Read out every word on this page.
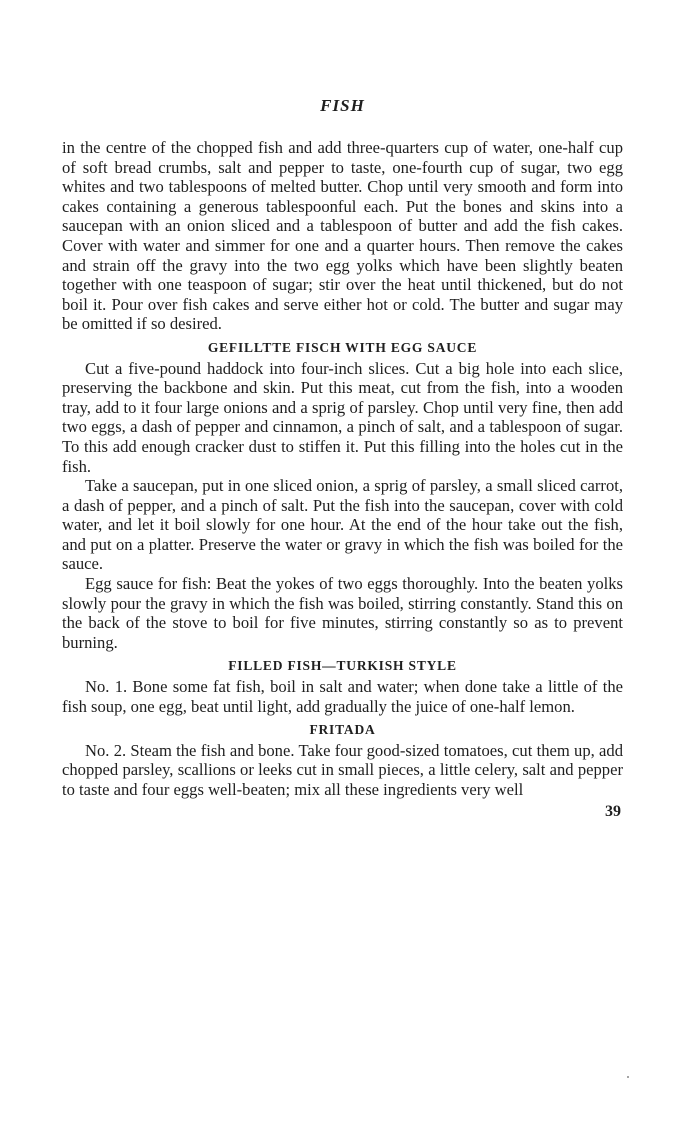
FISH

in the centre of the chopped fish and add three-quarters cup of water, one-half cup of soft bread crumbs, salt and pepper to taste, one-fourth cup of sugar, two egg whites and two tablespoons of melted butter. Chop until very smooth and form into cakes containing a generous tablespoonful each. Put the bones and skins into a saucepan with an onion sliced and a tablespoon of butter and add the fish cakes. Cover with water and simmer for one and a quarter hours. Then remove the cakes and strain off the gravy into the two egg yolks which have been slightly beaten together with one teaspoon of sugar; stir over the heat until thickened, but do not boil it. Pour over fish cakes and serve either hot or cold. The butter and sugar may be omitted if so desired.

GEFILLTTE FISCH WITH EGG SAUCE

Cut a five-pound haddock into four-inch slices. Cut a big hole into each slice, preserving the backbone and skin. Put this meat, cut from the fish, into a wooden tray, add to it four large onions and a sprig of parsley. Chop until very fine, then add two eggs, a dash of pepper and cinnamon, a pinch of salt, and a tablespoon of sugar. To this add enough cracker dust to stiffen it. Put this filling into the holes cut in the fish.

Take a saucepan, put in one sliced onion, a sprig of parsley, a small sliced carrot, a dash of pepper, and a pinch of salt. Put the fish into the saucepan, cover with cold water, and let it boil slowly for one hour. At the end of the hour take out the fish, and put on a platter. Preserve the water or gravy in which the fish was boiled for the sauce.

Egg sauce for fish: Beat the yokes of two eggs thoroughly. Into the beaten yolks slowly pour the gravy in which the fish was boiled, stirring constantly. Stand this on the back of the stove to boil for five minutes, stirring constantly so as to prevent burning.

FILLED FISH—TURKISH STYLE

No. 1. Bone some fat fish, boil in salt and water; when done take a little of the fish soup, one egg, beat until light, add gradually the juice of one-half lemon.

FRITADA

No. 2. Steam the fish and bone. Take four good-sized tomatoes, cut them up, add chopped parsley, scallions or leeks cut in small pieces, a little celery, salt and pepper to taste and four eggs well-beaten; mix all these ingredients very well

39
